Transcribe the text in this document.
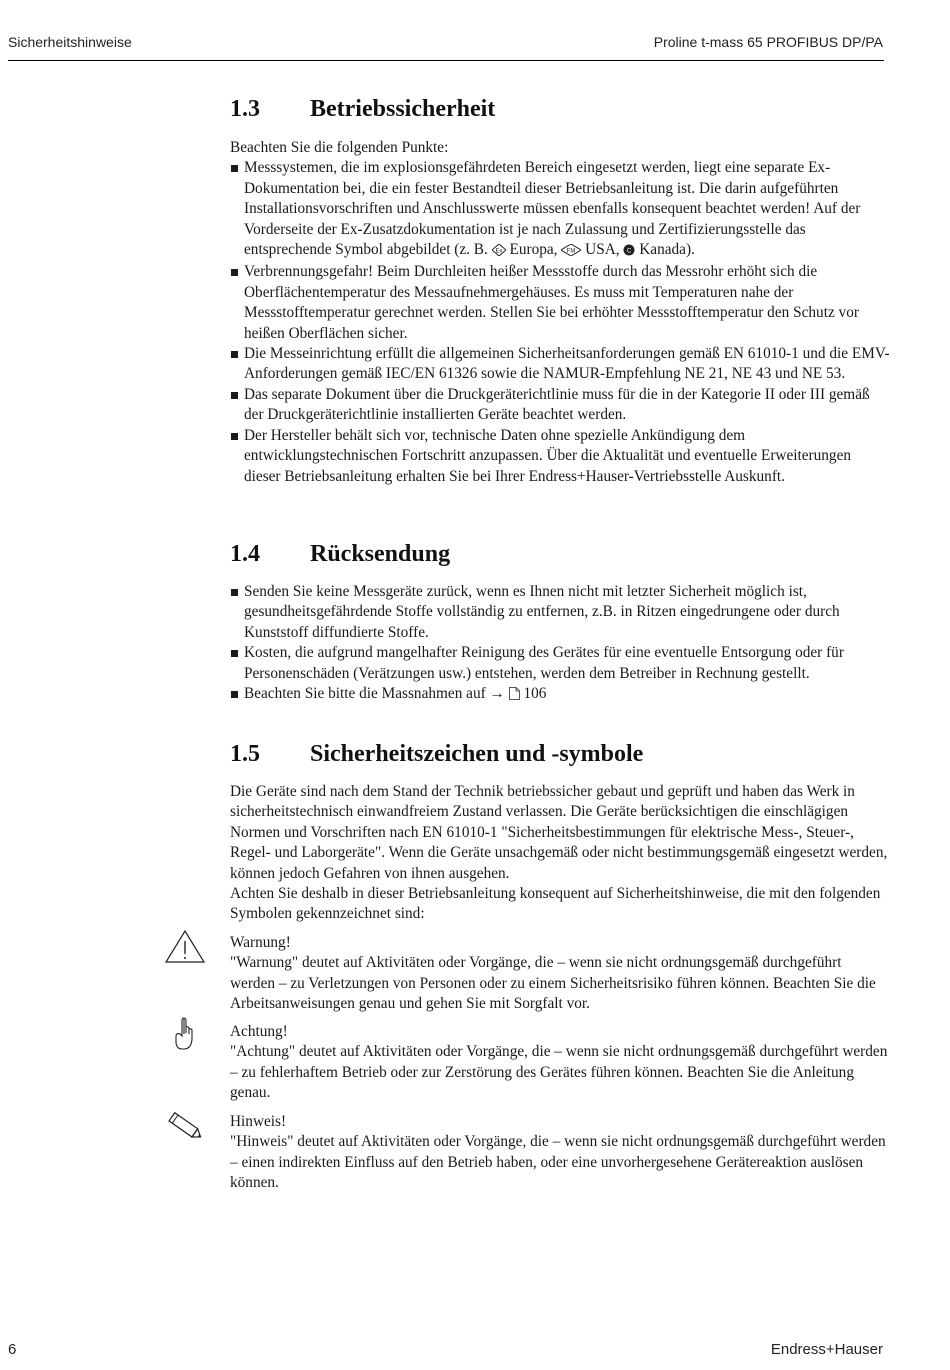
Sicherheitshinweise	Proline t-mass 65 PROFIBUS DP/PA
1.3 Betriebssicherheit

Beachten Sie die folgenden Punkte:

Messsystemen, die im explosionsgefährdeten Bereich eingesetzt werden, liegt eine separate Ex-Dokumentation bei, die ein fester Bestandteil dieser Betriebsanleitung ist. Die darin aufgeführten Installationsvorschriften und Anschlusswerte müssen ebenfalls konsequent beachtet werden! Auf der Vorderseite der Ex-Zusatzdokumentation ist je nach Zulassung und Zertifizierungsstelle das entsprechende Symbol abgebildet (z. B. Ex Europa, FM USA, C Kanada).
Verbrennungsgefahr! Beim Durchleiten heißer Messstoffe durch das Messrohr erhöht sich die Oberflächentemperatur des Messaufnehmergehäuses. Es muss mit Temperaturen nahe der Messstofftemperatur gerechnet werden. Stellen Sie bei erhöhter Messstofftemperatur den Schutz vor heißen Oberflächen sicher.
Die Messeinrichtung erfüllt die allgemeinen Sicherheitsanforderungen gemäß EN 61010-1 und die EMV-Anforderungen gemäß IEC/EN 61326 sowie die NAMUR-Empfehlung NE 21, NE 43 und NE 53.
Das separate Dokument über die Druckgeräterichtlinie muss für die in der Kategorie II oder III gemäß der Druckgeräterichtlinie installierten Geräte beachtet werden.
Der Hersteller behält sich vor, technische Daten ohne spezielle Ankündigung dem entwicklungstechnischen Fortschritt anzupassen. Über die Aktualität und eventuelle Erweiterungen dieser Betriebsanleitung erhalten Sie bei Ihrer Endress+Hauser-Vertriebsstelle Auskunft.
1.4 Rücksendung
Senden Sie keine Messgeräte zurück, wenn es Ihnen nicht mit letzter Sicherheit möglich ist, gesundheitsgefährdende Stoffe vollständig zu entfernen, z.B. in Ritzen eingedrungene oder durch Kunststoff diffundierte Stoffe.
Kosten, die aufgrund mangelhafter Reinigung des Gerätes für eine eventuelle Entsorgung oder für Personenschäden (Verätzungen usw.) entstehen, werden dem Betreiber in Rechnung gestellt.
Beachten Sie bitte die Massnahmen auf → 106
1.5 Sicherheitszeichen und -symbole

Die Geräte sind nach dem Stand der Technik betriebssicher gebaut und geprüft und haben das Werk in sicherheitstechnisch einwandfreiem Zustand verlassen. Die Geräte berücksichtigen die einschlägigen Normen und Vorschriften nach EN 61010-1 "Sicherheitsbestimmungen für elektrische Mess-, Steuer-, Regel- und Laborgeräte". Wenn die Geräte unsachgemäß oder nicht bestimmungsgemäß eingesetzt werden, können jedoch Gefahren von ihnen ausgehen.

Achten Sie deshalb in dieser Betriebsanleitung konsequent auf Sicherheitshinweise, die mit den folgenden Symbolen gekennzeichnet sind:

Warnung!

"Warnung" deutet auf Aktivitäten oder Vorgänge, die – wenn sie nicht ordnungsgemäß durchgeführt werden – zu Verletzungen von Personen oder zu einem Sicherheitsrisiko führen können. Beachten Sie die Arbeitsanweisungen genau und gehen Sie mit Sorgfalt vor.

Achtung!

"Achtung" deutet auf Aktivitäten oder Vorgänge, die – wenn sie nicht ordnungsgemäß durchgeführt werden – zu fehlerhaftem Betrieb oder zur Zerstörung des Gerätes führen können. Beachten Sie die Anleitung genau.

Hinweis!

"Hinweis" deutet auf Aktivitäten oder Vorgänge, die – wenn sie nicht ordnungsgemäß durchgeführt werden – einen indirekten Einfluss auf den Betrieb haben, oder eine unvorhergesehene Gerätereaktion auslösen können.

6	Endress+Hauser
